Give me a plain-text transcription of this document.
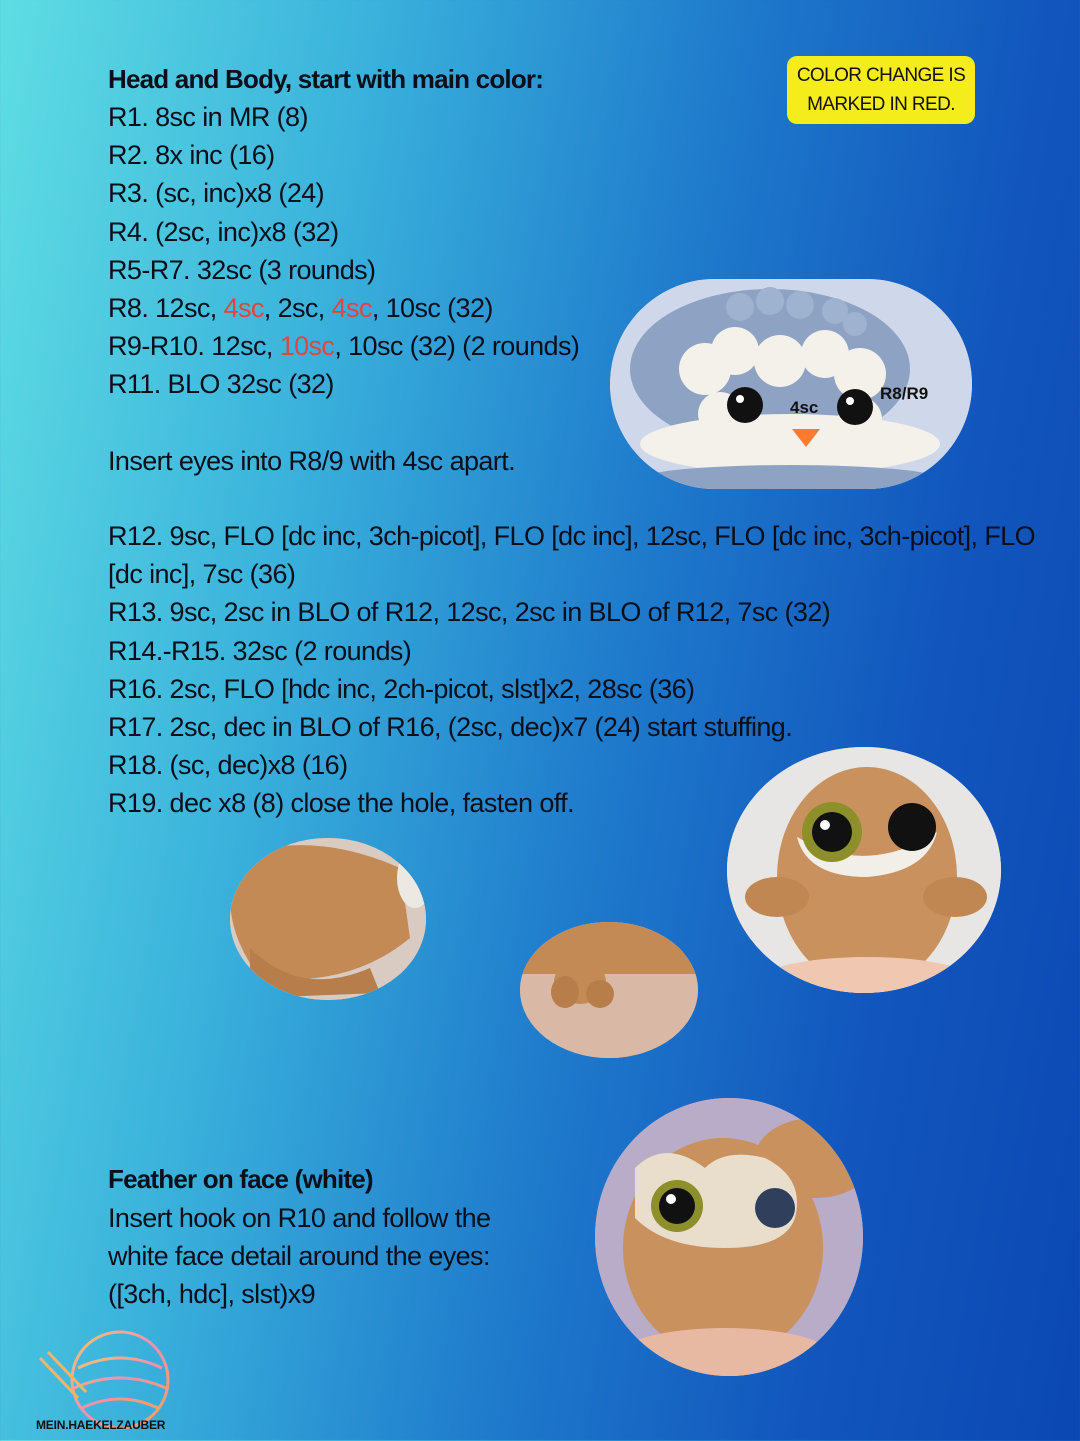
Head and Body, start with main color:	COLOR CHANGE IS
MARKED IN RED.
R1. 8sc in MR (8)
R2. 8x inc (16)
R3. (sc, inc)x8 (24)
R4. (2sc, inc)x8 (32)
R5-R7. 32sc (3 rounds)
R8. 12sc, 4sc, 2sc, 4sc, 10sc (32)
R9-R10. 12sc, 10sc, 10sc (32) (2 rounds)
R11. BLO 32sc (32)
Insert eyes into R8/9 with 4sc apart.
R12. 9sc, FLO [dc inc, 3ch-picot], FLO [dc inc], 12sc, FLO [dc inc, 3ch-picot], FLO
[dc inc], 7sc (36)
R13. 9sc, 2sc in BLO of R12, 12sc, 2sc in BLO of R12, 7sc (32)
R14.-R15. 32sc (2 rounds)
R16. 2sc, FLO [hdc inc, 2ch-picot, slst]x2, 28sc (36)
R17. 2sc, dec in BLO of R16, (2sc, dec)x7 (24) start stuffing.
R18. (sc, dec)x8 (16)
R19. dec x8 (8) close the hole, fasten off.
Feather on face (white)
Insert hook on R10 and follow the
white face detail around the eyes:
([3ch, hdc], slst)x9
4sc
R8/R9
MEIN.HAEKELZAUBER
